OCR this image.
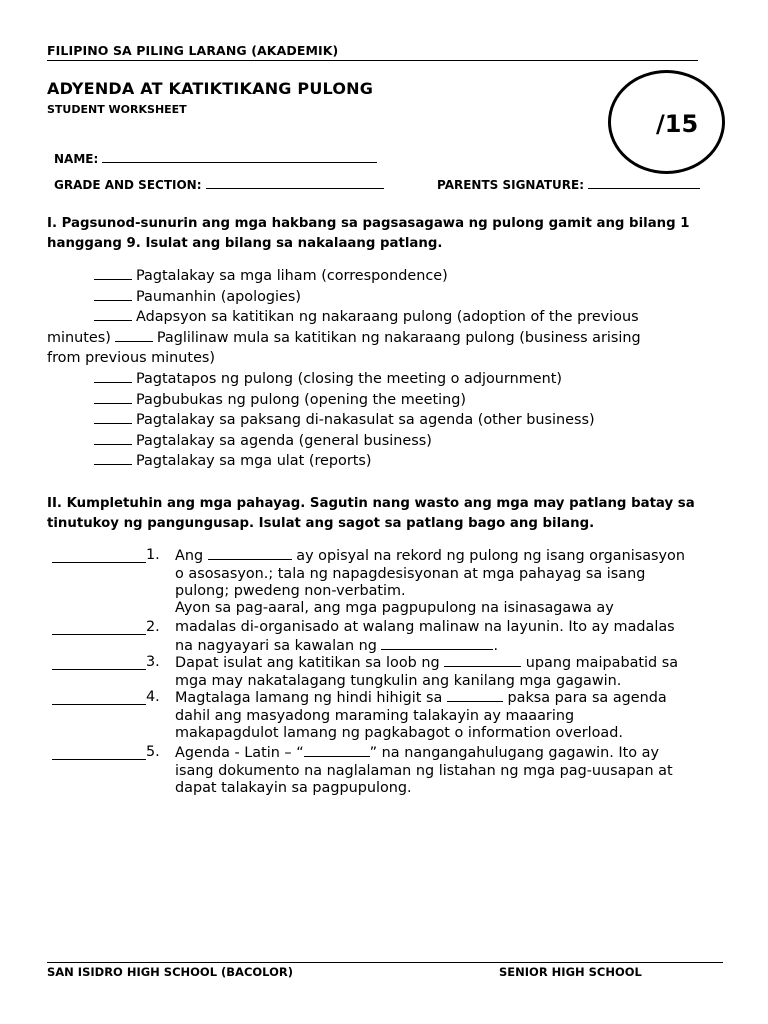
FILIPINO SA PILING LARANG (AKADEMIK)
ADYENDA AT KATIKTIKANG PULONG
STUDENT WORKSHEET
/15
NAME:
GRADE AND SECTION:	PARENTS SIGNATURE:
I. Pagsunod-sunurin ang mga hakbang sa pagsasagawa ng pulong gamit ang bilang 1
hanggang 9. Isulat ang bilang sa nakalaang patlang.
Pagtalakay sa mga liham (correspondence)
Paumanhin (apologies)
Adapsyon sa katitikan ng nakaraang pulong (adoption of the previous
minutes)	Paglilinaw mula sa katitikan ng nakaraang pulong (business arising
from previous minutes)
Pagtatapos ng pulong (closing the meeting o adjournment)
Pagbubukas ng pulong (opening the meeting)
Pagtalakay sa paksang di-nakasulat sa agenda (other business)
Pagtalakay sa agenda (general business)
Pagtalakay sa mga ulat (reports)
II. Kumpletuhin ang mga pahayag. Sagutin nang wasto ang mga may patlang batay sa
tinutukoy ng pangungusap. Isulat ang sagot sa patlang bago ang bilang.
1. Ang	ay opisyal na rekord ng pulong ng isang organisasyon
o asosasyon.; tala ng napagdesisyonan at mga pahayag sa isang
pulong; pwedeng non-verbatim.
Ayon sa pag-aaral, ang mga pagpupulong na isinasagawa ay
2. madalas di-organisado at walang malinaw na layunin. Ito ay madalas
na nagyayari sa kawalan ng	.
3. Dapat isulat ang katitikan sa loob ng	upang maipabatid sa
mga may nakatalagang tungkulin ang kanilang mga gagawin.
4. Magtalaga lamang ng hindi hihigit sa	paksa para sa agenda
dahil ang masyadong maraming talakayin ay maaaring
makapagdulot lamang ng pagkabagot o information overload.
5. Agenda - Latin – “	” na nangangahulugang gagawin. Ito ay
isang dokumento na naglalaman ng listahan ng mga pag-uusapan at
dapat talakayin sa pagpupulong.
SAN ISIDRO HIGH SCHOOL (BACOLOR)	SENIOR HIGH SCHOOL
